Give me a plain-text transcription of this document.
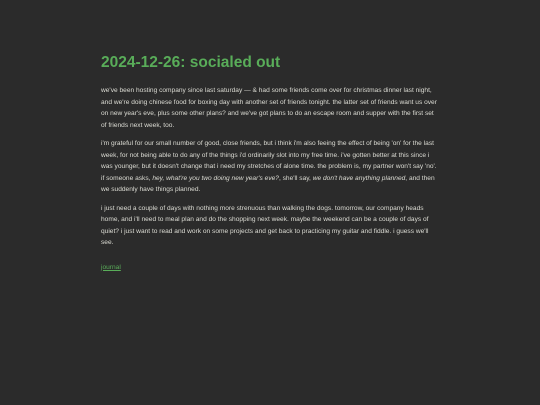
2024-12-26: socialed out

we've been hosting company since last saturday — & had some friends come over for christmas dinner last night, and we're doing chinese food for boxing day with another set of friends tonight. the latter set of friends want us over on new year's eve, plus some other plans? and we've got plans to do an escape room and supper with the first set of friends next week, too.

i'm grateful for our small number of good, close friends, but i think i'm also feeing the effect of being 'on' for the last week, for not being able to do any of the things i'd ordinarily slot into my free time. i've gotten better at this since i was younger, but it doesn't change that i need my stretches of alone time. the problem is, my partner won't say 'no'. if someone asks, hey, what're you two doing new year's eve?, she'll say, we don't have anything planned, and then we suddenly have things planned.

i just need a couple of days with nothing more strenuous than walking the dogs. tomorrow, our company heads home, and i'll need to meal plan and do the shopping next week. maybe the weekend can be a couple of days of quiet? i just want to read and work on some projects and get back to practicing my guitar and fiddle. i guess we'll see.

journal
